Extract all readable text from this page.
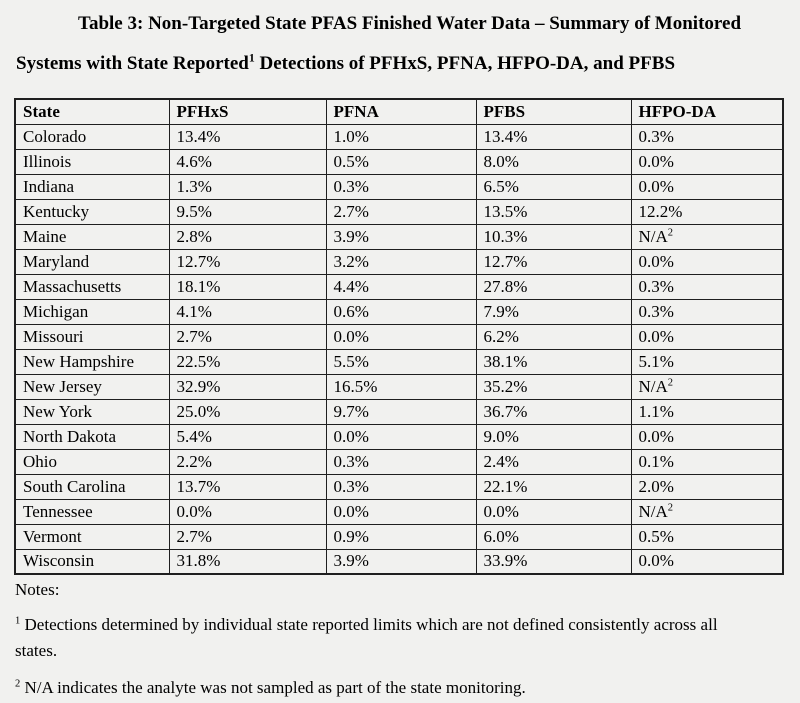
Table 3: Non-Targeted State PFAS Finished Water Data – Summary of Monitored
Systems with State Reported$^1$ Detections of PFHxS, PFNA, HFPO-DA, and PFBS
State	PFHxS	PFNA	PFBS	HFPO-DA
Colorado	13.4%	1.0%	13.4%	0.3%
Illinois	4.6%	0.5%	8.0%	0.0%
Indiana	1.3%	0.3%	6.5%	0.0%
Kentucky	9.5%	2.7%	13.5%	12.2%
Maine	2.8%	3.9%	10.3%	$N/A^2$
Maryland	12.7%	3.2%	12.7%	0.0%
Massachusetts	18.1%	4.4%	27.8%	0.3%
Michigan	4.1%	0.6%	7.9%	0.3%
Missouri	2.7%	0.0%	6.2%	0.0%
New Hampshire	22.5%	5.5%	38.1%	5.1%
New Jersey	32.9%	16.5%	35.2%	$N/A^2$
New York	25.0%	9.7%	36.7%	1.1%
North Dakota	5.4%	0.0%	9.0%	0.0%
Ohio	2.2%	0.3%	2.4%	0.1%
South Carolina	13.7%	0.3%	22.1%	2.0%
Tennessee	0.0%	0.0%	0.0%	$N/A^2$
Vermont	2.7%	0.9%	6.0%	0.5%
Wisconsin	31.8%	3.9%	33.9%	0.0%
Notes:
$^1$ Detections determined by individual state reported limits which are not defined consistently across all states.
$^2$ N/A indicates the analyte was not sampled as part of the state monitoring.
